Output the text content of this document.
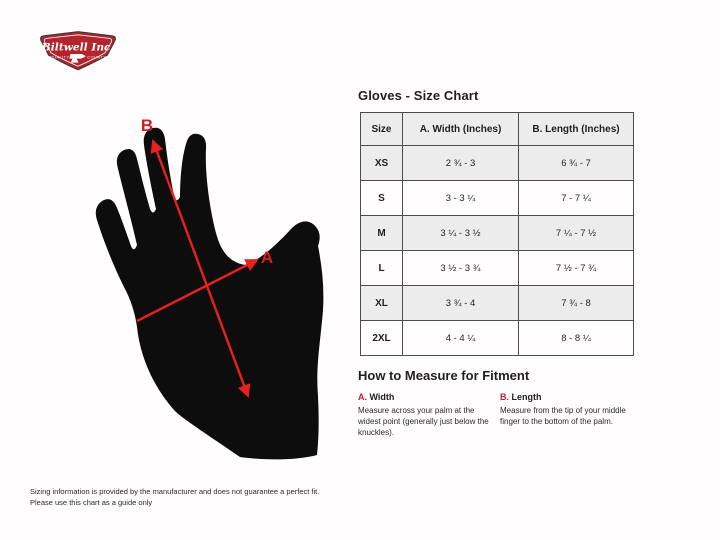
Biltwell Inc.
“QUALITY COUNTS”
B
A
Gloves - Size Chart
Size	A. Width (Inches)	B. Length (Inches)
XS	2 ¾ - 3	6 ¾ - 7
S	3 - 3 ¼	7 - 7 ¼
M	3 ¼ - 3 ½	7 ¼ - 7 ½
L	3 ½ - 3 ¾	7 ½ - 7 ¾
XL	3 ¾ - 4	7 ¾ - 8
2XL	4 - 4 ¼	8 - 8 ¼
How to Measure for Fitment
A. Width
Measure across your palm at the widest point (generally just below the knuckles).
B. Length
Measure from the tip of your middle finger to the bottom of the palm.
Sizing information is provided by the manufacturer and does not guarantee a perfect fit.
Please use this chart as a guide only
